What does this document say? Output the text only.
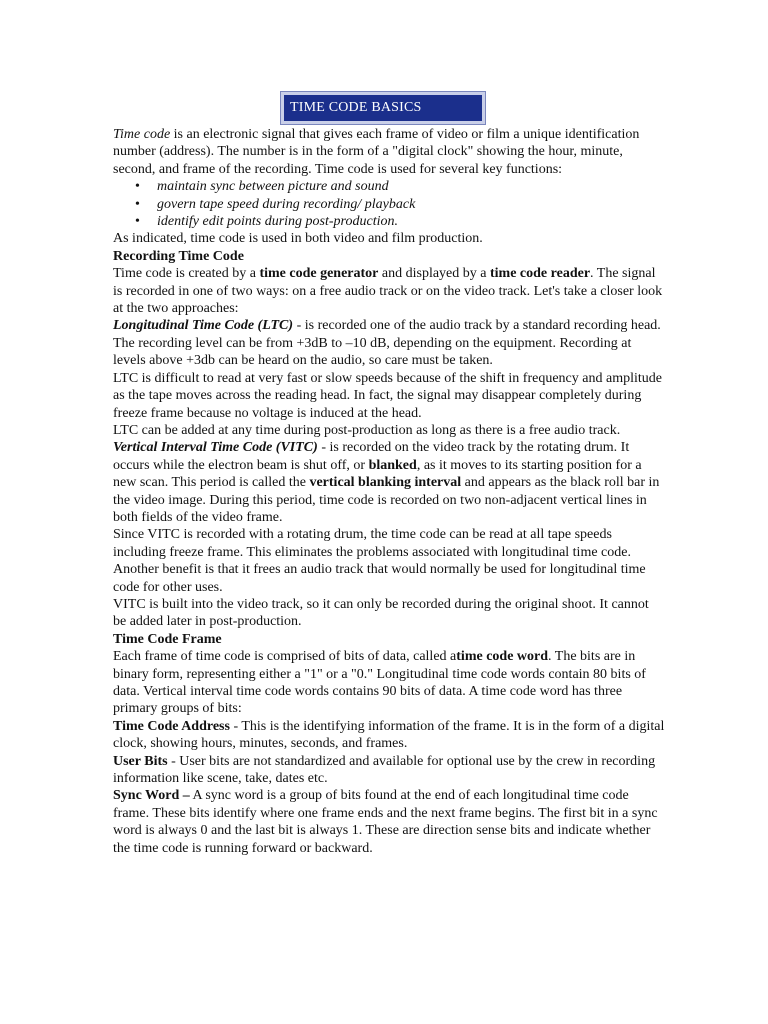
TIME CODE BASICS

Time code is an electronic signal that gives each frame of video or film a unique identification number (address). The number is in the form of a "digital clock" showing the hour, minute, second, and frame of the recording. Time code is used for several key functions:

• maintain sync between picture and sound
• govern tape speed during recording/ playback
• identify edit points during post-production.

As indicated, time code is used in both video and film production.

Recording Time Code

Time code is created by a time code generator and displayed by a time code reader. The signal is recorded in one of two ways: on a free audio track or on the video track. Let's take a closer look at the two approaches:

Longitudinal Time Code (LTC) - is recorded one of the audio track by a standard recording head. The recording level can be from +3dB to –10 dB, depending on the equipment. Recording at levels above +3db can be heard on the audio, so care must be taken.

LTC is difficult to read at very fast or slow speeds because of the shift in frequency and amplitude as the tape moves across the reading head. In fact, the signal may disappear completely during freeze frame because no voltage is induced at the head.

LTC can be added at any time during post-production as long as there is a free audio track.

Vertical Interval Time Code (VITC) - is recorded on the video track by the rotating drum. It occurs while the electron beam is shut off, or blanked, as it moves to its starting position for a new scan. This period is called the vertical blanking interval and appears as the black roll bar in the video image. During this period, time code is recorded on two non-adjacent vertical lines in both fields of the video frame.

Since VITC is recorded with a rotating drum, the time code can be read at all tape speeds including freeze frame. This eliminates the problems associated with longitudinal time code. Another benefit is that it frees an audio track that would normally be used for longitudinal time code for other uses.

VITC is built into the video track, so it can only be recorded during the original shoot. It cannot be added later in post-production.

Time Code Frame

Each frame of time code is comprised of bits of data, called atime code word. The bits are in binary form, representing either a "1" or a "0." Longitudinal time code words contain 80 bits of data. Vertical interval time code words contains 90 bits of data. A time code word has three primary groups of bits:

Time Code Address - This is the identifying information of the frame. It is in the form of a digital clock, showing hours, minutes, seconds, and frames.

User Bits - User bits are not standardized and available for optional use by the crew in recording information like scene, take, dates etc.

Sync Word – A sync word is a group of bits found at the end of each longitudinal time code frame. These bits identify where one frame ends and the next frame begins. The first bit in a sync word is always 0 and the last bit is always 1. These are direction sense bits and indicate whether the time code is running forward or backward.
